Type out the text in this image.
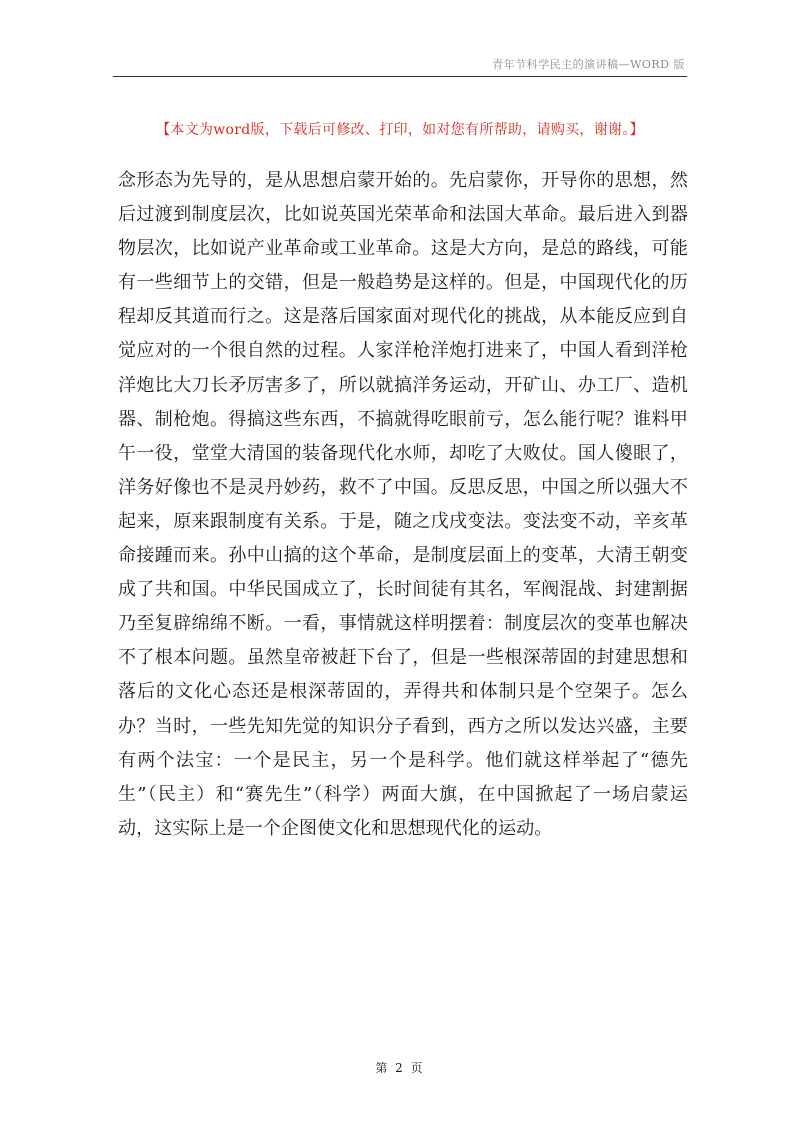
青年节科学民主的演讲稿—WORD 版
【本文为word版，下载后可修改、打印，如对您有所帮助，请购买，谢谢。】
念形态为先导的，是从思想启蒙开始的。先启蒙你，开导你的思想，然后过渡到制度层次，比如说英国光荣革命和法国大革命。最后进入到器物层次，比如说产业革命或工业革命。这是大方向，是总的路线，可能有一些细节上的交错，但是一般趋势是这样的。但是，中国现代化的历程却反其道而行之。这是落后国家面对现代化的挑战，从本能反应到自觉应对的一个很自然的过程。人家洋枪洋炮打进来了，中国人看到洋枪洋炮比大刀长矛厉害多了，所以就搞洋务运动，开矿山、办工厂、造机器、制枪炮。得搞这些东西，不搞就得吃眼前亏，怎么能行呢？谁料甲午一役，堂堂大清国的装备现代化水师，却吃了大败仗。国人傻眼了，洋务好像也不是灵丹妙药，救不了中国。反思反思，中国之所以强大不起来，原来跟制度有关系。于是，随之戊戌变法。变法变不动，辛亥革命接踵而来。孙中山搞的这个革命，是制度层面上的变革，大清王朝变成了共和国。中华民国成立了，长时间徒有其名，军阀混战、封建割据乃至复辟绵绵不断。一看，事情就这样明摆着：制度层次的变革也解决不了根本问题。虽然皇帝被赶下台了，但是一些根深蒂固的封建思想和落后的文化心态还是根深蒂固的，弄得共和体制只是个空架子。怎么办？当时，一些先知先觉的知识分子看到，西方之所以发达兴盛，主要有两个法宝：一个是民主，另一个是科学。他们就这样举起了“德先生”（民主）和“赛先生”（科学）两面大旗，在中国掀起了一场启蒙运动，这实际上是一个企图使文化和思想现代化的运动。
第 2 页
